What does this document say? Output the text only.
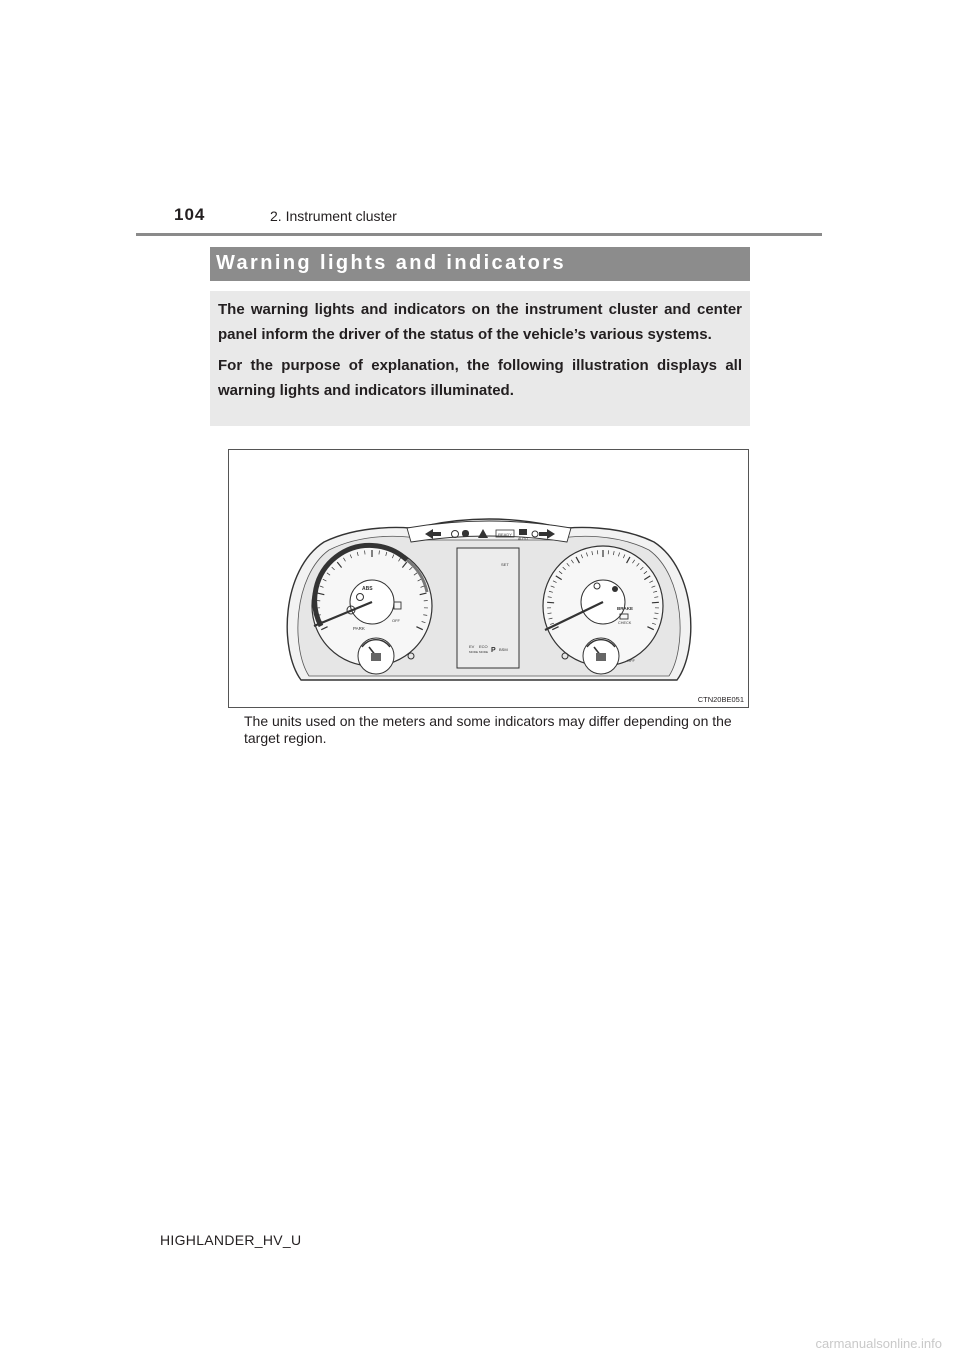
104	2. Instrument cluster
Warning lights and indicators

The warning lights and indicators on the instrument cluster and center panel inform the driver of the status of the vehicle’s various systems.

For the purpose of explanation, the following illustration displays all warning lights and indicators illuminated.

READY
AUTO
SET
EV
MODE
ECO
MODE P BSM
ABS
!
PARK
OFF
BRAKE
CHECK
OFF
CTN20BE051
The units used on the meters and some indicators may differ depending on the target region.
HIGHLANDER_HV_U
carmanualsonline.info
